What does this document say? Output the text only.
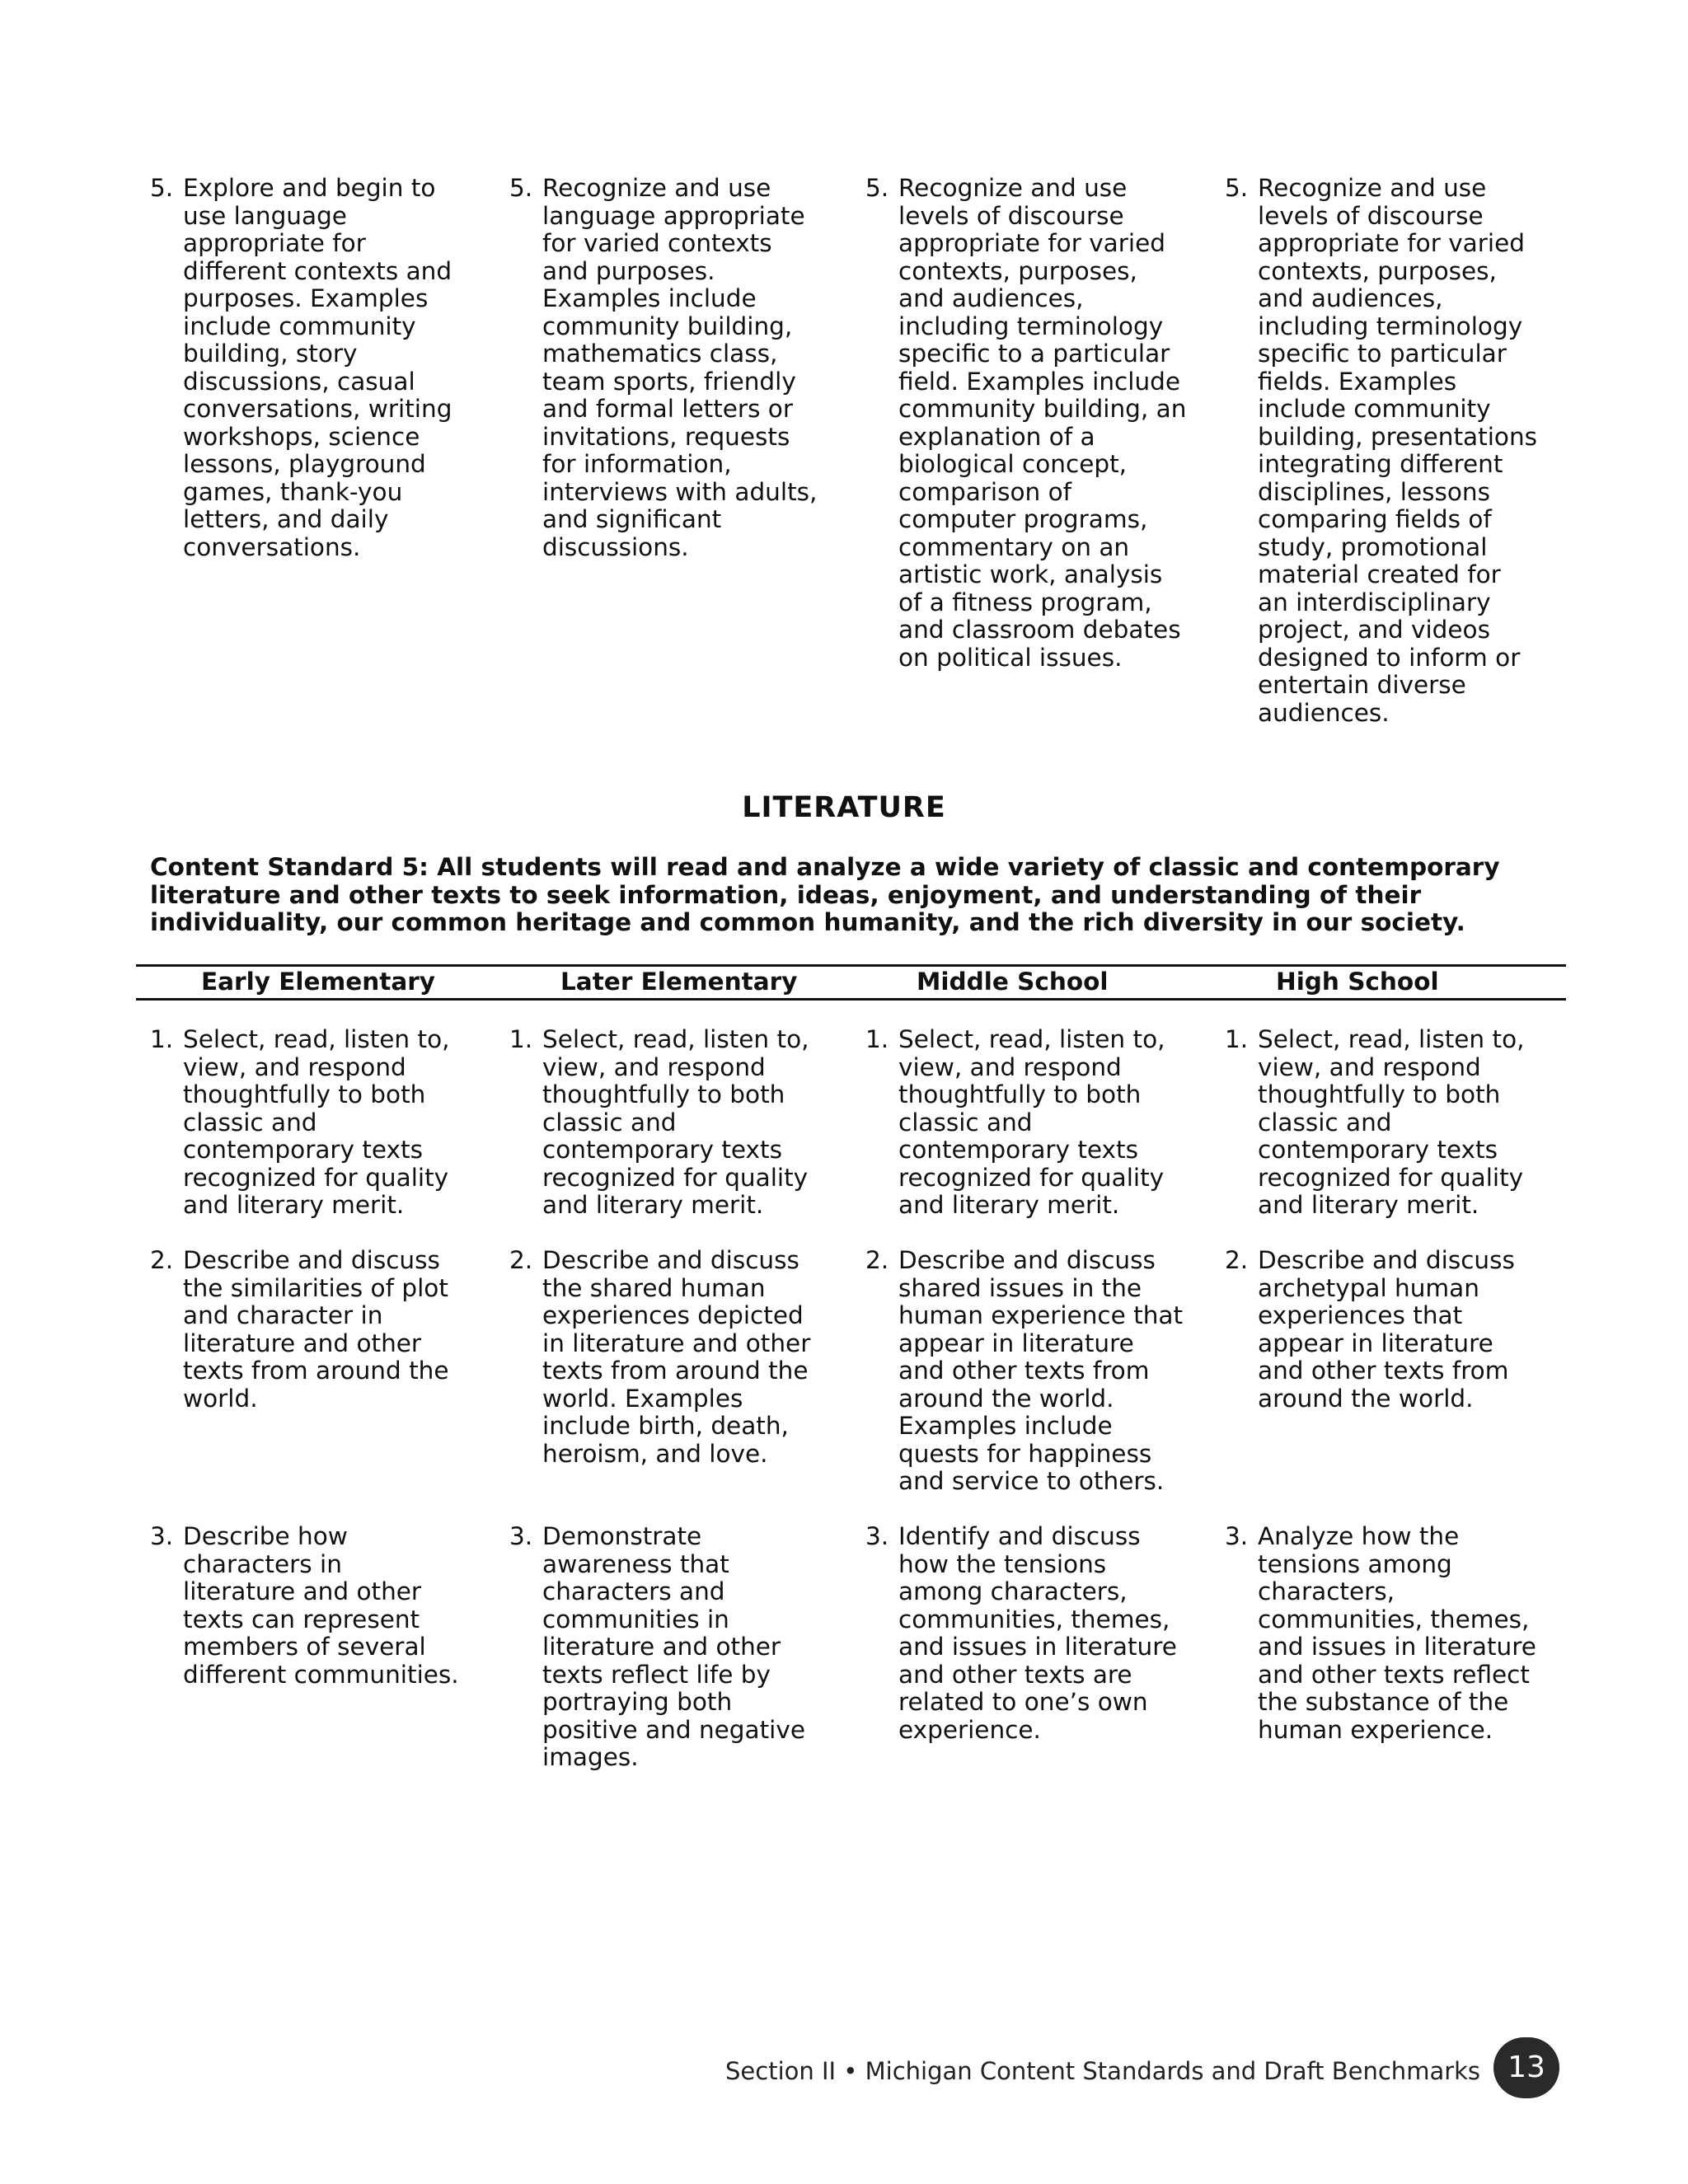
5. Explore and begin to
use language
appropriate for
different contexts and
purposes. Examples
include community
building, story
discussions, casual
conversations, writing
workshops, science
lessons, playground
games, thank-you
letters, and daily
conversations.
5. Recognize and use
language appropriate
for varied contexts
and purposes.
Examples include
community building,
mathematics class,
team sports, friendly
and formal letters or
invitations, requests
for information,
interviews with adults,
and significant
discussions.
5. Recognize and use
levels of discourse
appropriate for varied
contexts, purposes,
and audiences,
including terminology
specific to a particular
field. Examples include
community building, an
explanation of a
biological concept,
comparison of
computer programs,
commentary on an
artistic work, analysis
of a fitness program,
and classroom debates
on political issues.
5. Recognize and use
levels of discourse
appropriate for varied
contexts, purposes,
and audiences,
including terminology
specific to particular
fields. Examples
include community
building, presentations
integrating different
disciplines, lessons
comparing fields of
study, promotional
material created for
an interdisciplinary
project, and videos
designed to inform or
entertain diverse
audiences.
LITERATURE
Content Standard 5: All students will read and analyze a wide variety of classic and contemporary
literature and other texts to seek information, ideas, enjoyment, and understanding of their
individuality, our common heritage and common humanity, and the rich diversity in our society.
Early Elementary	Later Elementary	Middle School	High School
1. Select, read, listen to,
view, and respond
thoughtfully to both
classic and
contemporary texts
recognized for quality
and literary merit.
1. Select, read, listen to,
view, and respond
thoughtfully to both
classic and
contemporary texts
recognized for quality
and literary merit.
1. Select, read, listen to,
view, and respond
thoughtfully to both
classic and
contemporary texts
recognized for quality
and literary merit.
1. Select, read, listen to,
view, and respond
thoughtfully to both
classic and
contemporary texts
recognized for quality
and literary merit.
2. Describe and discuss
the similarities of plot
and character in
literature and other
texts from around the
world.
2. Describe and discuss
the shared human
experiences depicted
in literature and other
texts from around the
world. Examples
include birth, death,
heroism, and love.
2. Describe and discuss
shared issues in the
human experience that
appear in literature
and other texts from
around the world.
Examples include
quests for happiness
and service to others.
2. Describe and discuss
archetypal human
experiences that
appear in literature
and other texts from
around the world.
3. Describe how
characters in
literature and other
texts can represent
members of several
different communities.
3. Demonstrate
awareness that
characters and
communities in
literature and other
texts reflect life by
portraying both
positive and negative
images.
3. Identify and discuss
how the tensions
among characters,
communities, themes,
and issues in literature
and other texts are
related to one’s own
experience.
3. Analyze how the
tensions among
characters,
communities, themes,
and issues in literature
and other texts reflect
the substance of the
human experience.
Section II • Michigan Content Standards and Draft Benchmarks 13
